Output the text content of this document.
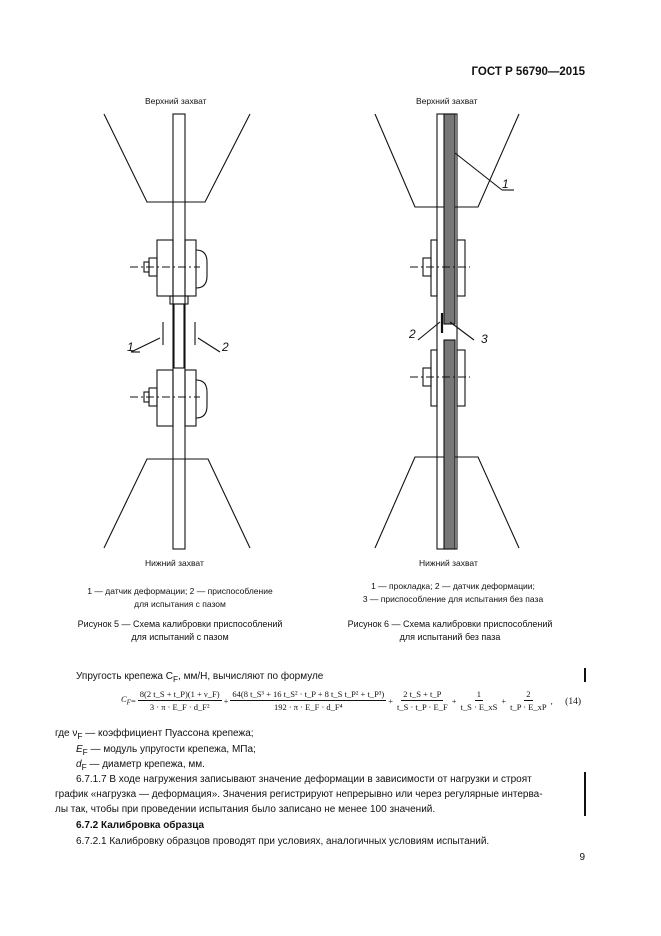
ГОСТ Р 56790—2015
Верхний захват
1	2
Нижний захват
1 — датчик деформации; 2 — приспособление
для испытания с пазом
Рисунок 5 — Схема калибровки приспособлений
для испытаний с пазом
Верхний захват
1
2	3
Нижний захват
1 — прокладка; 2 — датчик деформации;
3 — приспособление для испытания без паза
Рисунок 6 — Схема калибровки приспособлений
для испытаний без паза
Упругость крепежа $C_F$, мм/Н, вычисляют по формуле
$C_F = \frac{8(2 t\_S + t\_P)(1 + \nu\_F)}{\text{3 · π · E\_F · d\_F²}} + \frac{\text{64(8 t\_S³ + 16 t\_S² · t\_P + 8 t\_S t\_P² + t\_P³)}}{\text{192 · π · E\_F · d\_F⁴}} + \frac{2 t\_S + t\_P}{t\_S \cdot t\_P \cdot E\_F} + \frac{1}{t\_S \cdot E\_xS} + \frac{2}{t\_P \cdot E\_xP}$ , (14)
где $\nu_F$ — коэффициент Пуассона крепежа;
$E_F$ — модуль упругости крепежа, МПа;
$d_F$ — диаметр крепежа, мм.
6.7.1.7 В ходе нагружения записывают значение деформации в зависимости от нагрузки и строят
график «нагрузка — деформация». Значения регистрируют непрерывно или через регулярные интерва-
лы так, чтобы при проведении испытания было записано не менее 100 значений.
6.7.2 Калибровка образца
6.7.2.1 Калибровку образцов проводят при условиях, аналогичных условиям испытаний.
9
